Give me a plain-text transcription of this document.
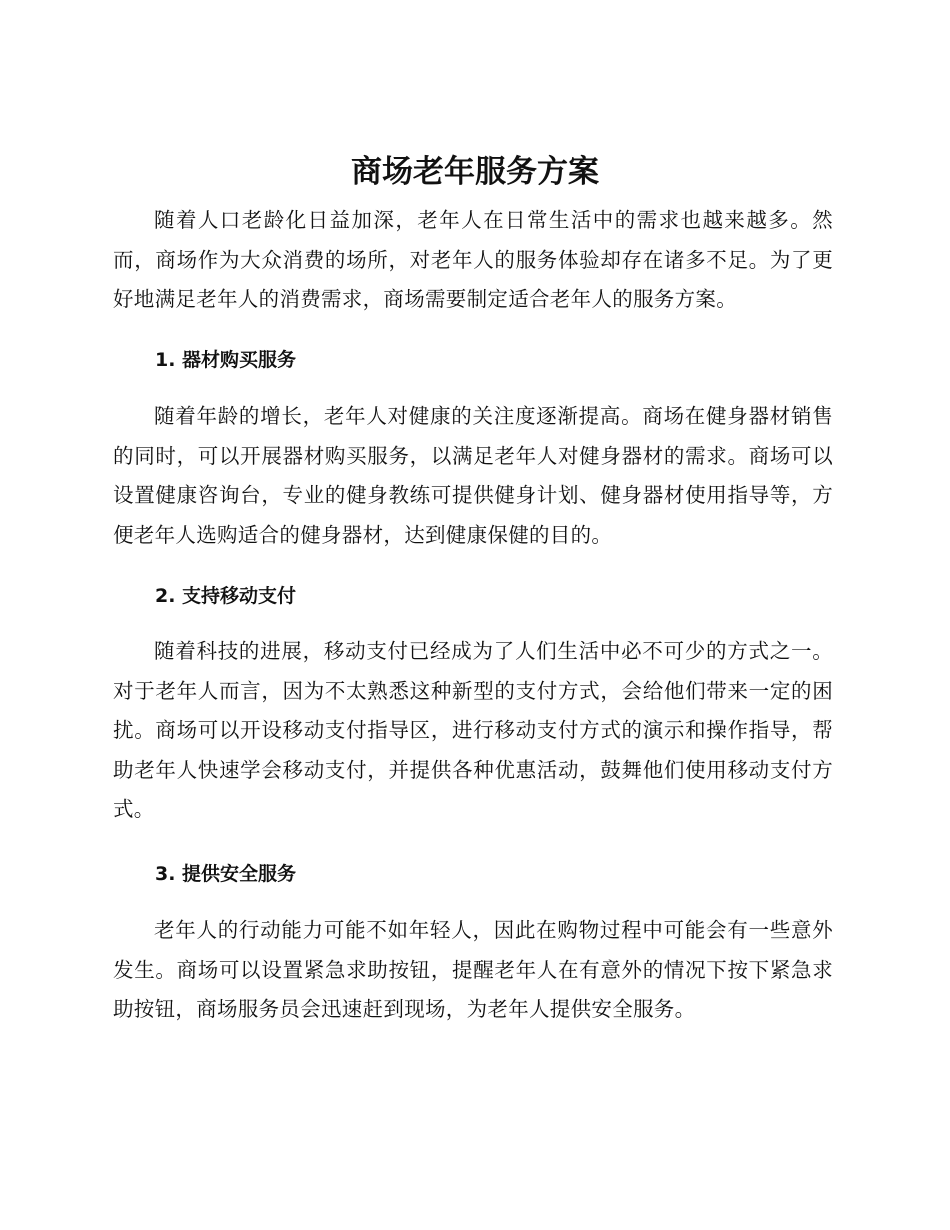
商场老年服务方案

随着人口老龄化日益加深，老年人在日常生活中的需求也越来越多。然而，商场作为大众消费的场所，对老年人的服务体验却存在诸多不足。为了更好地满足老年人的消费需求，商场需要制定适合老年人的服务方案。

1. 器材购买服务

随着年龄的增长，老年人对健康的关注度逐渐提高。商场在健身器材销售的同时，可以开展器材购买服务，以满足老年人对健身器材的需求。商场可以设置健康咨询台，专业的健身教练可提供健身计划、健身器材使用指导等，方便老年人选购适合的健身器材，达到健康保健的目的。

2. 支持移动支付

随着科技的进展，移动支付已经成为了人们生活中必不可少的方式之一。对于老年人而言，因为不太熟悉这种新型的支付方式，会给他们带来一定的困扰。商场可以开设移动支付指导区，进行移动支付方式的演示和操作指导，帮助老年人快速学会移动支付，并提供各种优惠活动，鼓舞他们使用移动支付方式。

3. 提供安全服务

老年人的行动能力可能不如年轻人，因此在购物过程中可能会有一些意外发生。商场可以设置紧急求助按钮，提醒老年人在有意外的情况下按下紧急求助按钮，商场服务员会迅速赶到现场，为老年人提供安全服务。
